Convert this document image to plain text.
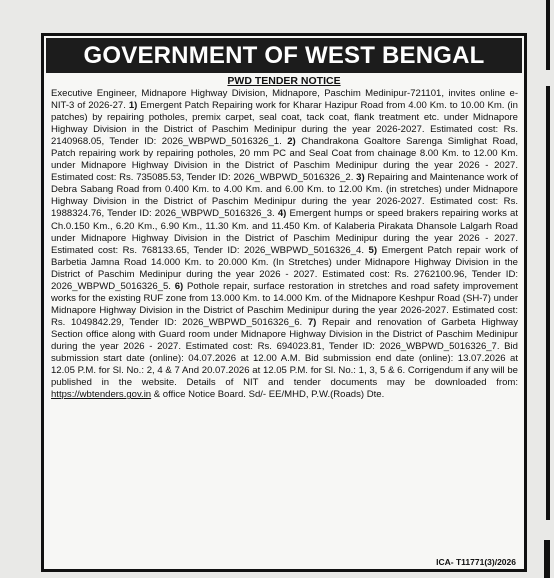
GOVERNMENT OF WEST BENGAL
PWD TENDER NOTICE
Executive Engineer, Midnapore Highway Division, Midnapore, Paschim Medinipur-721101, invites online e-NIT-3 of 2026-27. 1) Emergent Patch Repairing work for Kharar Hazipur Road from 4.00 Km. to 10.00 Km. (in patches) by repairing potholes, premix carpet, seal coat, tack coat, flank treatment etc. under Midnapore Highway Division in the District of Paschim Medinipur during the year 2026-2027. Estimated cost: Rs. 2140968.05, Tender ID: 2026_WBPWD_5016326_1. 2) Chandrakona Goaltore Sarenga Simlighat Road, Patch repairing work by repairing potholes, 20 mm PC and Seal Coat from chainage 8.00 Km. to 12.00 Km. under Midnapore Highway Division in the District of Paschim Medinipur during the year 2026 - 2027. Estimated cost: Rs. 735085.53, Tender ID: 2026_WBPWD_5016326_2. 3) Repairing and Maintenance work of Debra Sabang Road from 0.400 Km. to 4.00 Km. and 6.00 Km. to 12.00 Km. (in stretches) under Midnapore Highway Division in the District of Paschim Medinipur during the year 2026-2027. Estimated cost: Rs. 1988324.76, Tender ID: 2026_WBPWD_5016326_3. 4) Emergent humps or speed brakers repairing works at Ch.0.150 Km., 6.20 Km., 6.90 Km., 11.30 Km. and 11.450 Km. of Kalaberia Pirakata Dhansole Lalgarh Road under Midnapore Highway Division in the District of Paschim Medinipur during the year 2026 - 2027. Estimated cost: Rs. 768133.65, Tender ID: 2026_WBPWD_5016326_4. 5) Emergent Patch repair work of Barbetia Jamna Road 14.000 Km. to 20.000 Km. (In Stretches) under Midnapore Highway Division in the District of Paschim Medinipur during the year 2026 - 2027. Estimated cost: Rs. 2762100.96, Tender ID: 2026_WBPWD_5016326_5. 6) Pothole repair, surface restoration in stretches and road safety improvement works for the existing RUF zone from 13.000 Km. to 14.000 Km. of the Midnapore Keshpur Road (SH-7) under Midnapore Highway Division in the District of Paschim Medinipur during the year 2026-2027. Estimated cost: Rs. 1049842.29, Tender ID: 2026_WBPWD_5016326_6. 7) Repair and renovation of Garbeta Highway Section office along with Guard room under Midnapore Highway Division in the District of Paschim Medinipur during the year 2026 - 2027. Estimated cost: Rs. 694023.81, Tender ID: 2026_WBPWD_5016326_7. Bid submission start date (online): 04.07.2026 at 12.00 A.M. Bid submission end date (online): 13.07.2026 at 12.05 P.M. for Sl. No.: 2, 4 & 7 And 20.07.2026 at 12.05 P.M. for Sl. No.: 1, 3, 5 & 6. Corrigendum if any will be published in the website. Details of NIT and tender documents may be downloaded from: https://wbtenders.gov.in & office Notice Board. Sd/- EE/MHD, P.W.(Roads) Dte.
ICA- T11771(3)/2026
